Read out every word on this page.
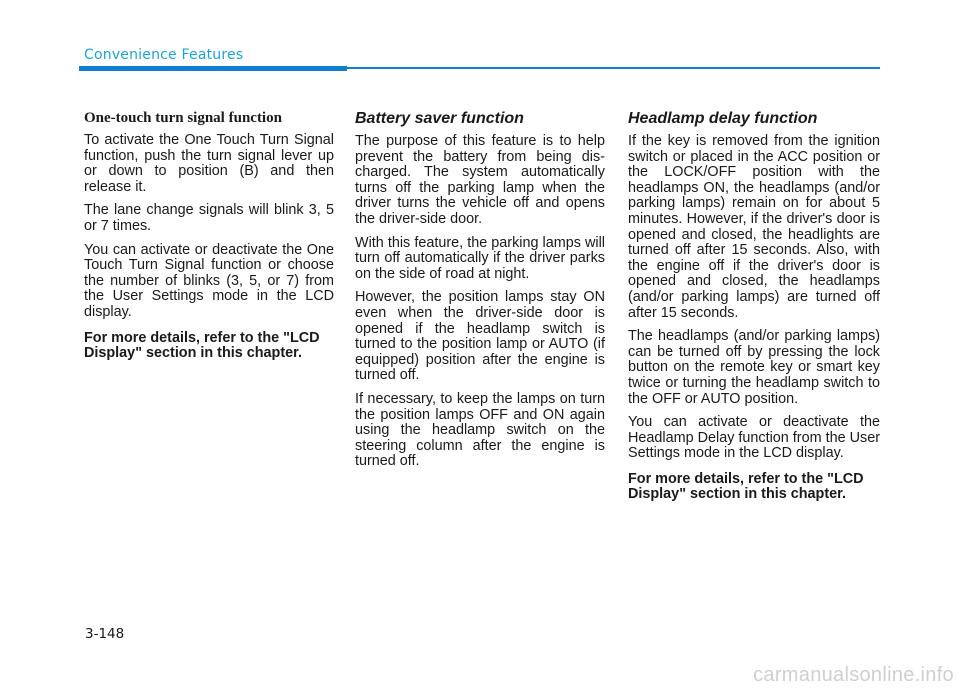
Convenience Features
One-touch turn signal function

To activate the One Touch Turn Signal function, push the turn signal lever up or down to position (B) and then release it.

The lane change signals will blink 3, 5 or 7 times.

You can activate or deactivate the One Touch Turn Signal function or choose the number of blinks (3, 5, or 7) from the User Settings mode in the LCD display.

For more details, refer to the "LCD Display" section in this chapter.

Battery saver function

The purpose of this feature is to help prevent the battery from being discharged. The system automatically turns off the parking lamp when the driver turns the vehicle off and opens the driver-side door.

With this feature, the parking lamps will turn off automatically if the driver parks on the side of road at night.

However, the position lamps stay ON even when the driver-side door is opened if the headlamp switch is turned to the position lamp or AUTO (if equipped) position after the engine is turned off.

If necessary, to keep the lamps on turn the position lamps OFF and ON again using the headlamp switch on the steering column after the engine is turned off.

Headlamp delay function

If the key is removed from the ignition switch or placed in the ACC position or the LOCK/OFF position with the headlamps ON, the headlamps (and/or parking lamps) remain on for about 5 minutes. However, if the driver's door is opened and closed, the headlights are turned off after 15 seconds. Also, with the engine off if the driver's door is opened and closed, the headlamps (and/or parking lamps) are turned off after 15 seconds.

The headlamps (and/or parking lamps) can be turned off by pressing the lock button on the remote key or smart key twice or turning the headlamp switch to the OFF or AUTO position.

You can activate or deactivate the Headlamp Delay function from the User Settings mode in the LCD display.

For more details, refer to the "LCD Display" section in this chapter.

3-148
carmanualsonline.info
